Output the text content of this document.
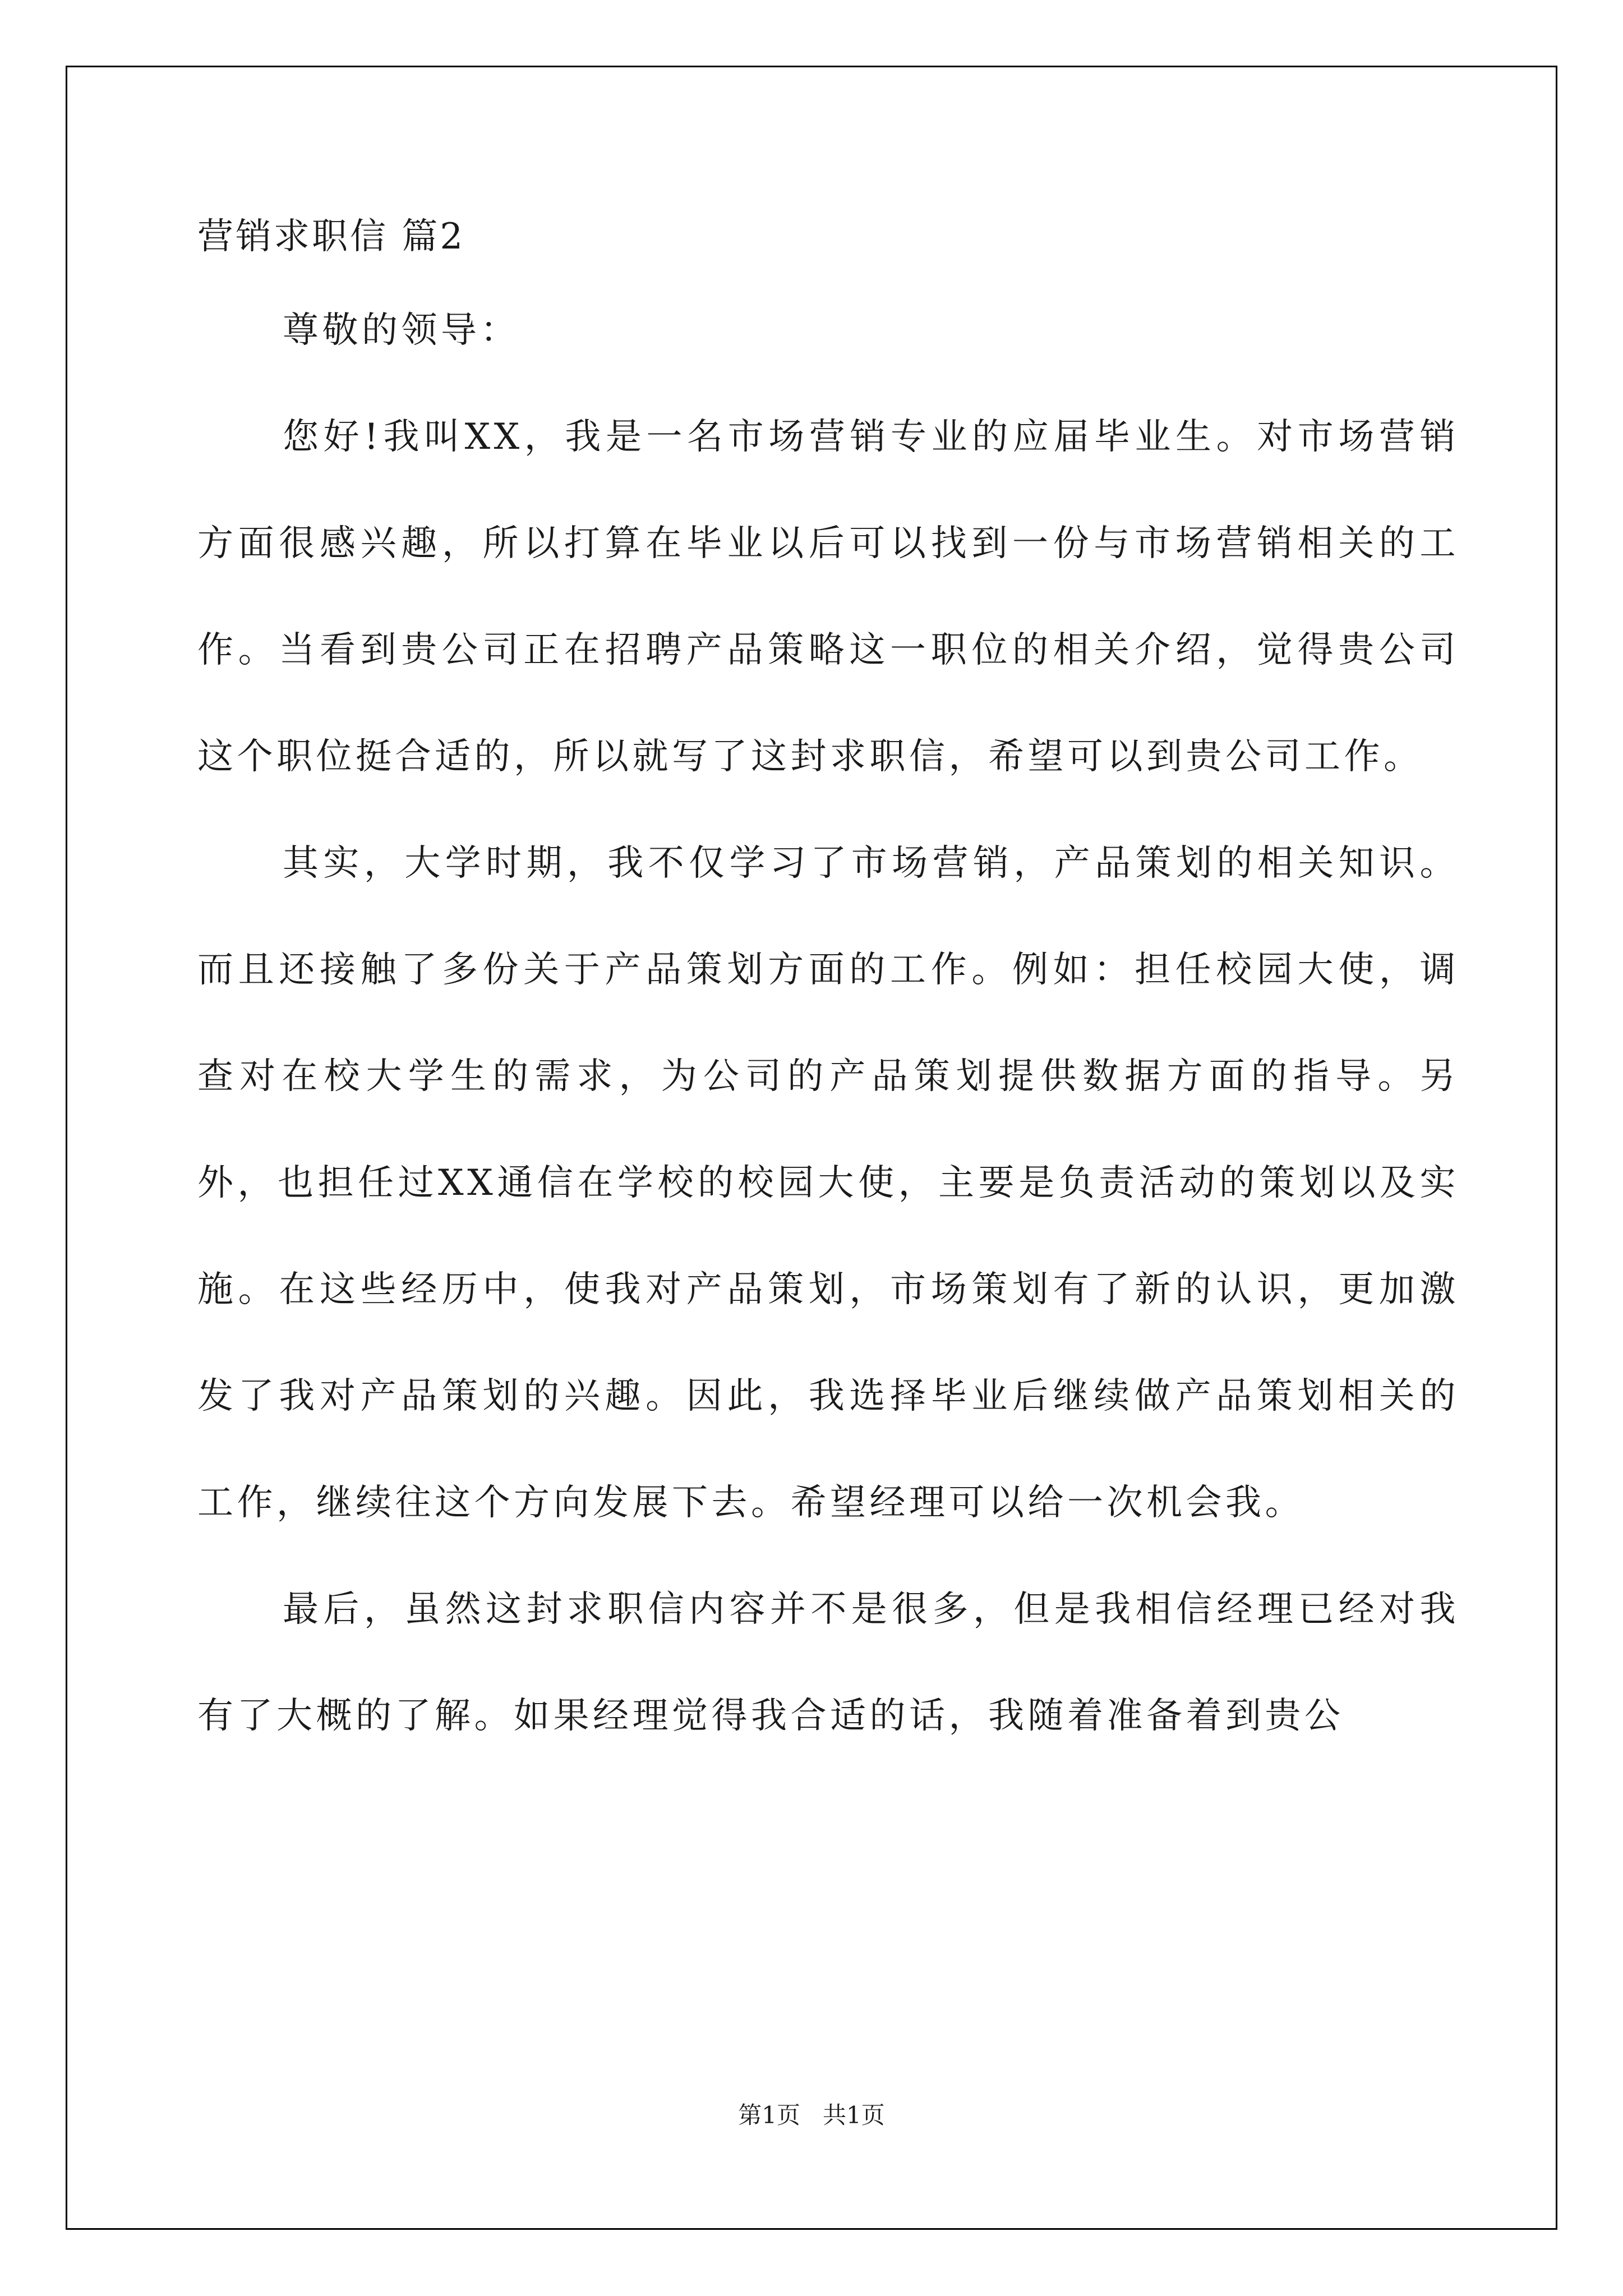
营销求职信 篇2

尊敬的领导：

您好!我叫XX，我是一名市场营销专业的应届毕业生。对市场营销方面很感兴趣，所以打算在毕业以后可以找到一份与市场营销相关的工作。当看到贵公司正在招聘产品策略这一职位的相关介绍，觉得贵公司这个职位挺合适的，所以就写了这封求职信，希望可以到贵公司工作。

其实，大学时期，我不仅学习了市场营销，产品策划的相关知识。而且还接触了多份关于产品策划方面的工作。例如：担任校园大使，调查对在校大学生的需求，为公司的产品策划提供数据方面的指导。另外，也担任过XX通信在学校的校园大使，主要是负责活动的策划以及实施。在这些经历中，使我对产品策划，市场策划有了新的认识，更加激发了我对产品策划的兴趣。因此，我选择毕业后继续做产品策划相关的工作，继续往这个方向发展下去。希望经理可以给一次机会我。

最后，虽然这封求职信内容并不是很多，但是我相信经理已经对我有了大概的了解。如果经理觉得我合适的话，我随着准备着到贵公

第1页   共1页
